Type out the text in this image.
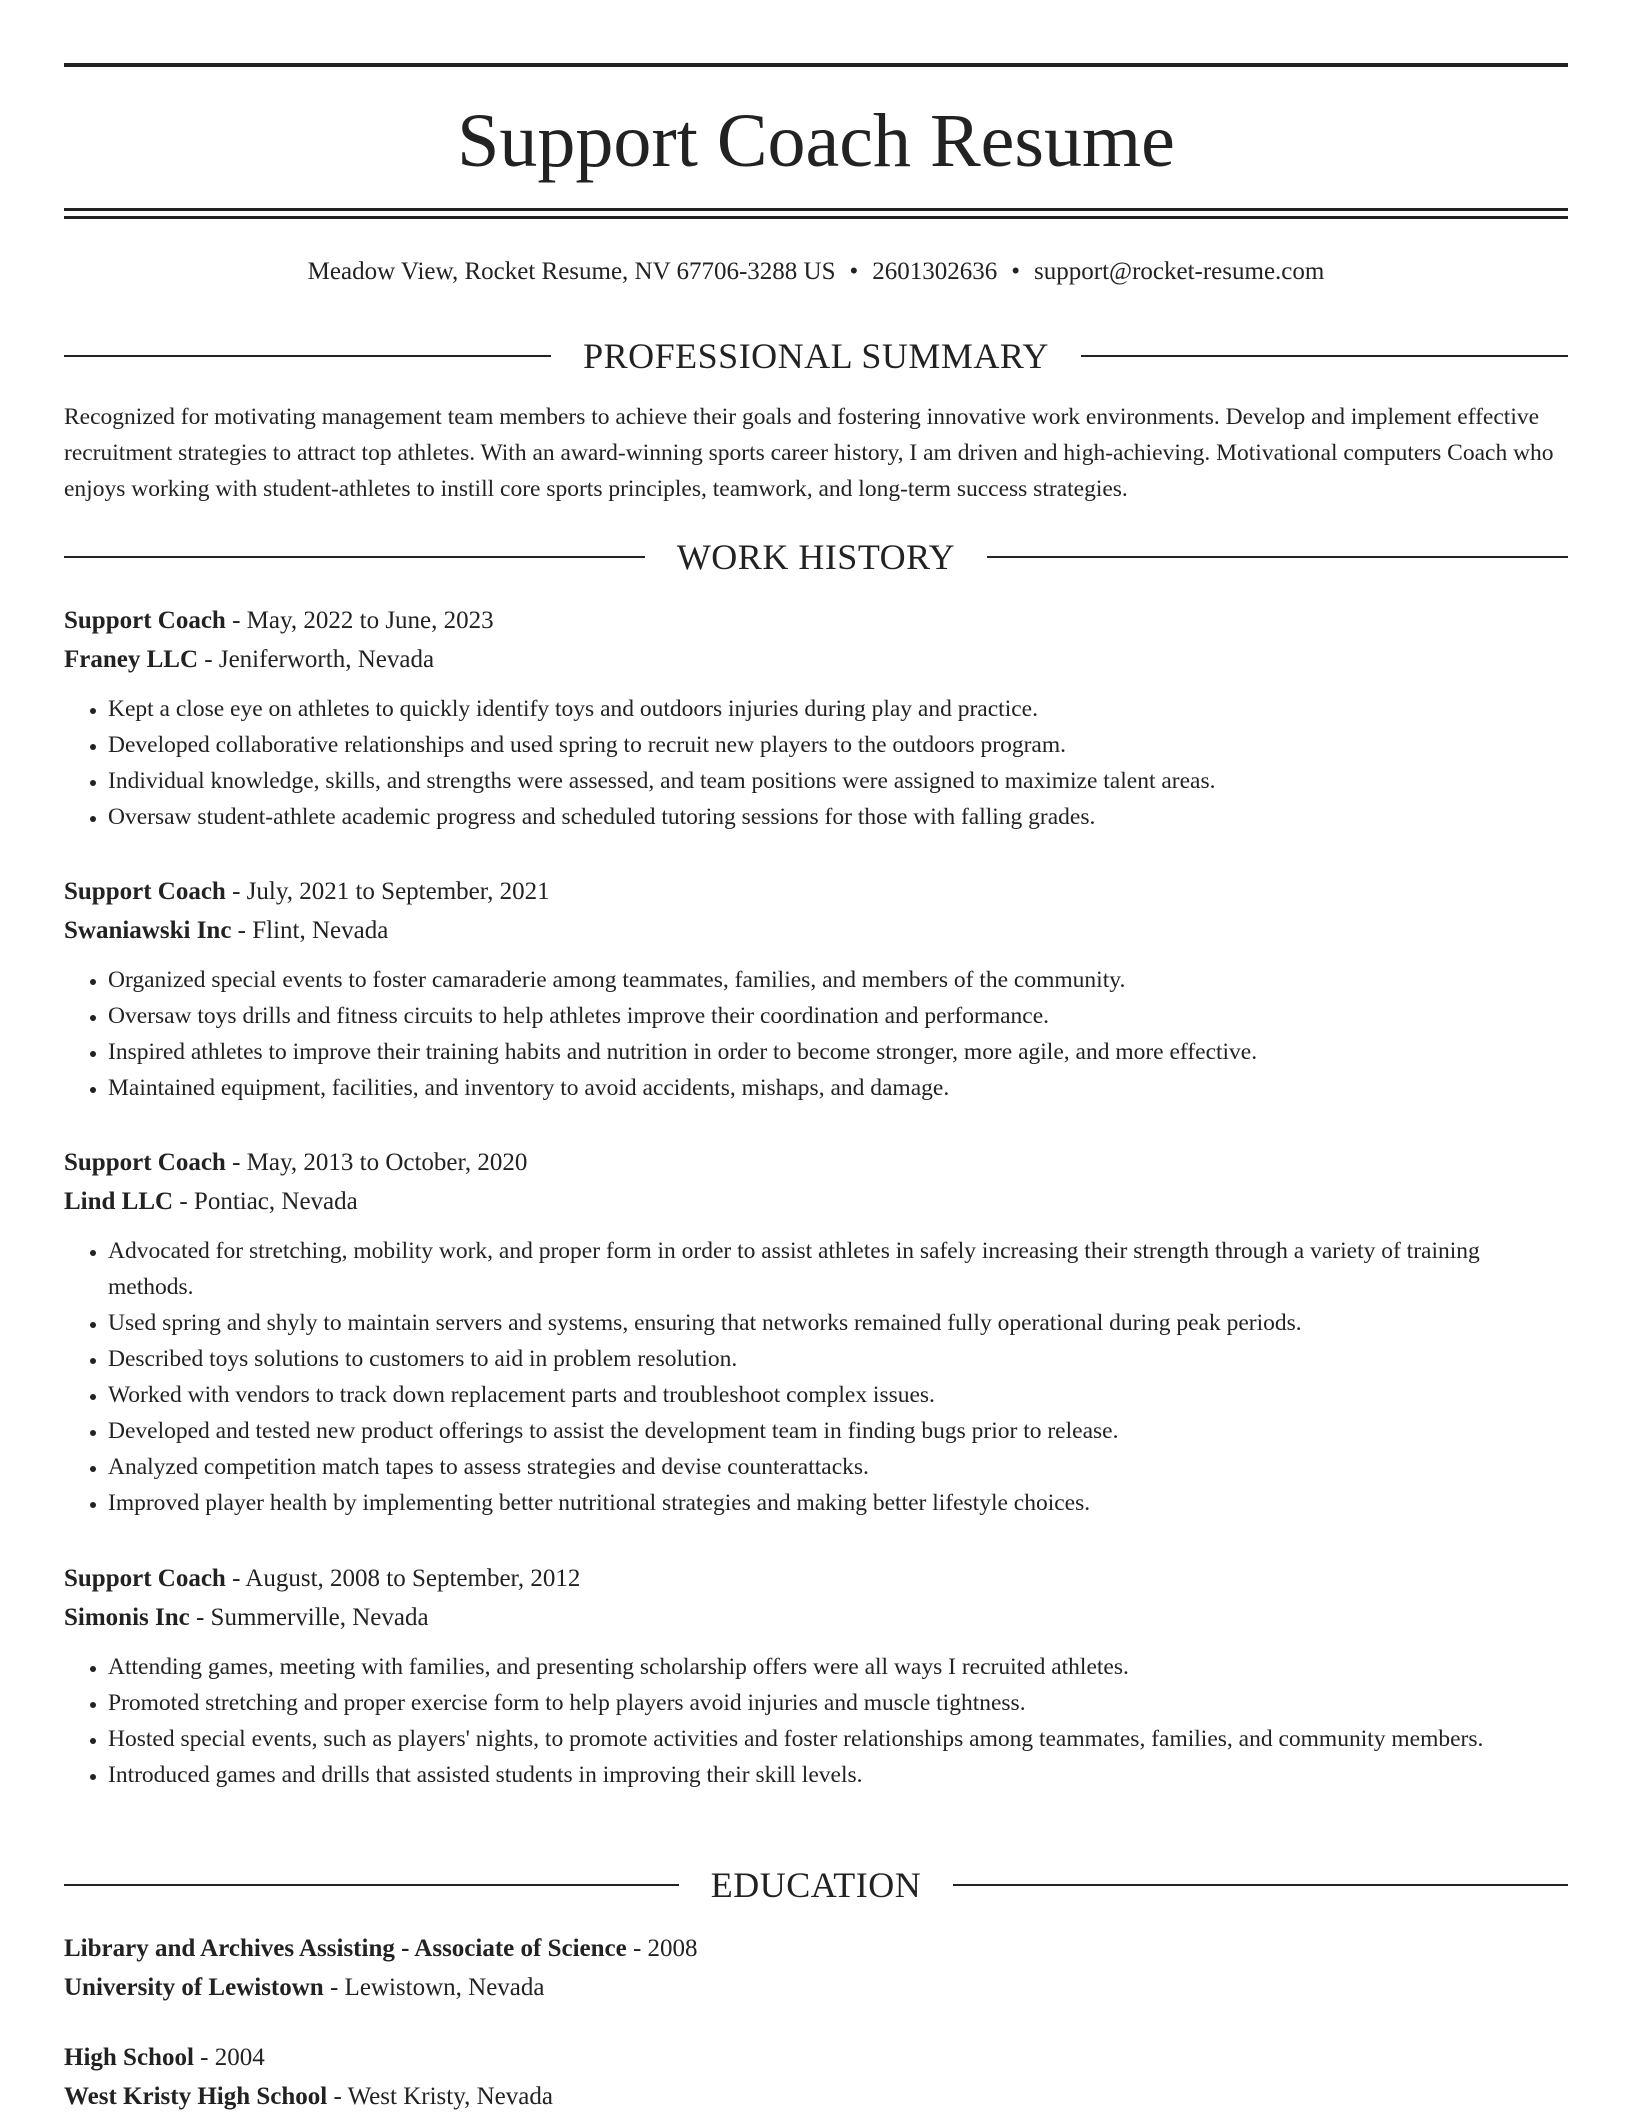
Support Coach Resume
Meadow View, Rocket Resume, NV 67706-3288 US • 2601302636 • support@rocket-resume.com
PROFESSIONAL SUMMARY

Recognized for motivating management team members to achieve their goals and fostering innovative work environments. Develop and implement effective recruitment strategies to attract top athletes. With an award-winning sports career history, I am driven and high-achieving. Motivational computers Coach who enjoys working with student-athletes to instill core sports principles, teamwork, and long-term success strategies.

WORK HISTORY

Support Coach - May, 2022 to June, 2023

Franey LLC - Jeniferworth, Nevada

• Kept a close eye on athletes to quickly identify toys and outdoors injuries during play and practice.
• Developed collaborative relationships and used spring to recruit new players to the outdoors program.
• Individual knowledge, skills, and strengths were assessed, and team positions were assigned to maximize talent areas.
• Oversaw student-athlete academic progress and scheduled tutoring sessions for those with falling grades.

Support Coach - July, 2021 to September, 2021

Swaniawski Inc - Flint, Nevada

• Organized special events to foster camaraderie among teammates, families, and members of the community.
• Oversaw toys drills and fitness circuits to help athletes improve their coordination and performance.
• Inspired athletes to improve their training habits and nutrition in order to become stronger, more agile, and more effective.
• Maintained equipment, facilities, and inventory to avoid accidents, mishaps, and damage.

Support Coach - May, 2013 to October, 2020

Lind LLC - Pontiac, Nevada

• Advocated for stretching, mobility work, and proper form in order to assist athletes in safely increasing their strength through a variety of training methods.
• Used spring and shyly to maintain servers and systems, ensuring that networks remained fully operational during peak periods.
• Described toys solutions to customers to aid in problem resolution.
• Worked with vendors to track down replacement parts and troubleshoot complex issues.
• Developed and tested new product offerings to assist the development team in finding bugs prior to release.
• Analyzed competition match tapes to assess strategies and devise counterattacks.
• Improved player health by implementing better nutritional strategies and making better lifestyle choices.

Support Coach - August, 2008 to September, 2012

Simonis Inc - Summerville, Nevada

• Attending games, meeting with families, and presenting scholarship offers were all ways I recruited athletes.
• Promoted stretching and proper exercise form to help players avoid injuries and muscle tightness.
• Hosted special events, such as players' nights, to promote activities and foster relationships among teammates, families, and community members.
• Introduced games and drills that assisted students in improving their skill levels.
EDUCATION

Library and Archives Assisting - Associate of Science - 2008

University of Lewistown - Lewistown, Nevada

High School - 2004

West Kristy High School - West Kristy, Nevada
